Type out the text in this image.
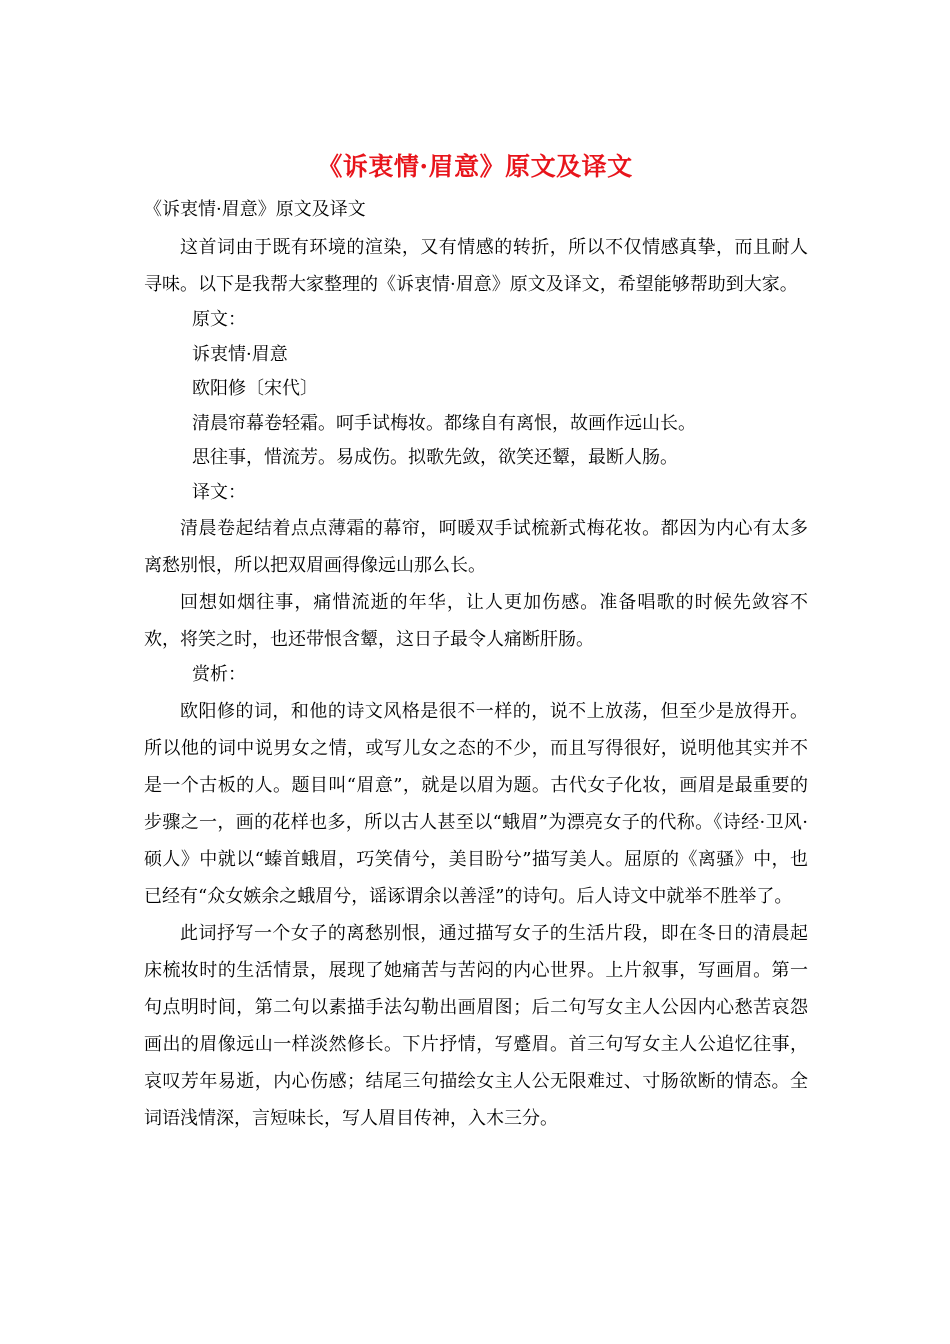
《诉衷情·眉意》原文及译文

《诉衷情·眉意》原文及译文

这首词由于既有环境的渲染，又有情感的转折，所以不仅情感真挚，而且耐人寻味。以下是我帮大家整理的《诉衷情·眉意》原文及译文，希望能够帮助到大家。

原文：

诉衷情·眉意

欧阳修〔宋代〕

清晨帘幕卷轻霜。呵手试梅妆。都缘自有离恨，故画作远山长。

思往事，惜流芳。易成伤。拟歌先敛，欲笑还颦，最断人肠。

译文：

清晨卷起结着点点薄霜的幕帘，呵暖双手试梳新式梅花妆。都因为内心有太多离愁别恨，所以把双眉画得像远山那么长。

回想如烟往事，痛惜流逝的年华，让人更加伤感。准备唱歌的时候先敛容不欢，将笑之时，也还带恨含颦，这日子最令人痛断肝肠。

赏析：

欧阳修的词，和他的诗文风格是很不一样的，说不上放荡，但至少是放得开。所以他的词中说男女之情，或写儿女之态的不少，而且写得很好，说明他其实并不是一个古板的人。题目叫“眉意”，就是以眉为题。古代女子化妆，画眉是最重要的步骤之一，画的花样也多，所以古人甚至以“蛾眉”为漂亮女子的代称。《诗经·卫风·硕人》中就以“螓首蛾眉，巧笑倩兮，美目盼兮”描写美人。屈原的《离骚》中，也已经有“众女嫉余之蛾眉兮，谣诼谓余以善淫”的诗句。后人诗文中就举不胜举了。

此词抒写一个女子的离愁别恨，通过描写女子的生活片段，即在冬日的清晨起床梳妆时的生活情景，展现了她痛苦与苦闷的内心世界。上片叙事，写画眉。第一句点明时间，第二句以素描手法勾勒出画眉图；后二句写女主人公因内心愁苦哀怨画出的眉像远山一样淡然修长。下片抒情，写蹙眉。首三句写女主人公追忆往事，哀叹芳年易逝，内心伤感；结尾三句描绘女主人公无限难过、寸肠欲断的情态。全词语浅情深，言短味长，写人眉目传神，入木三分。
